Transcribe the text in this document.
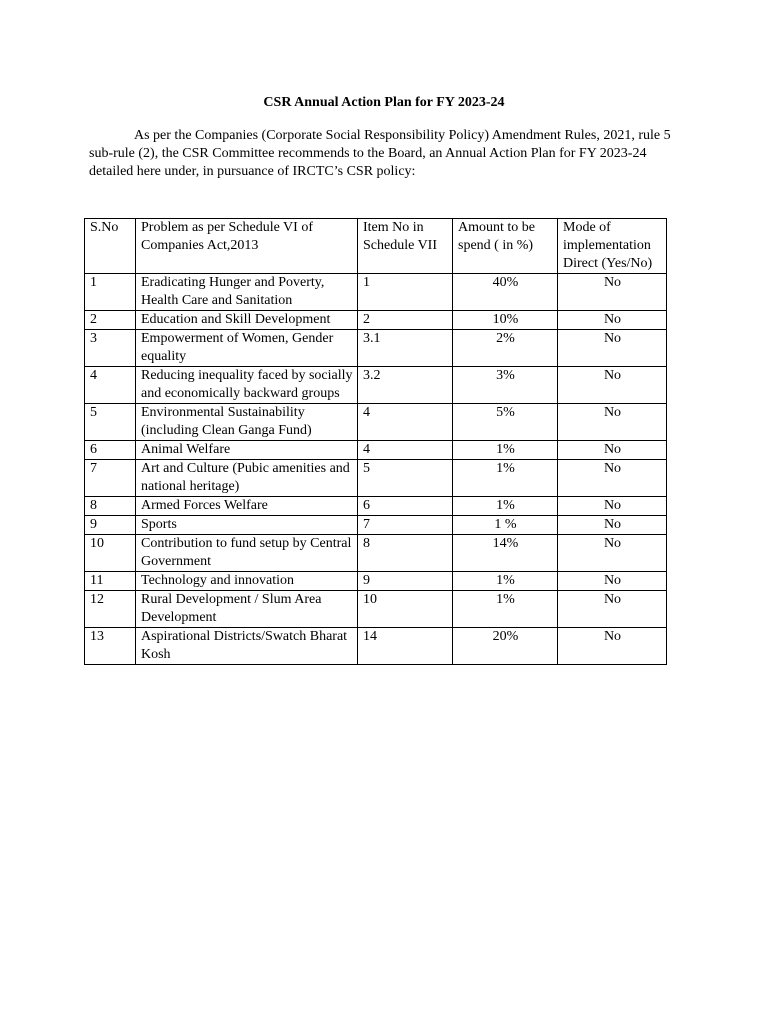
CSR Annual Action Plan for FY 2023-24

As per the Companies (Corporate Social Responsibility Policy) Amendment Rules, 2021, rule 5 sub-rule (2), the CSR Committee recommends to the Board, an Annual Action Plan for FY 2023-24 detailed here under, in pursuance of IRCTC’s CSR policy:

S.No	Problem as per Schedule VI of Companies Act,2013	Item No in Schedule VII	Amount to be spend ( in %)	Mode of implementation Direct (Yes/No)
1	Eradicating Hunger and Poverty, Health Care and Sanitation	1	40%	No
2	Education and Skill Development	2	10%	No
3	Empowerment of Women, Gender equality	3.1	2%	No
4	Reducing inequality faced by socially and economically backward groups	3.2	3%	No
5	Environmental Sustainability (including Clean Ganga Fund)	4	5%	No
6	Animal Welfare	4	1%	No
7	Art and Culture (Pubic amenities and national heritage)	5	1%	No
8	Armed Forces Welfare	6	1%	No
9	Sports	7	1 %	No
10	Contribution to fund setup by Central Government	8	14%	No
11	Technology and innovation	9	1%	No
12	Rural Development / Slum Area Development	10	1%	No
13	Aspirational Districts/Swatch Bharat Kosh	14	20%	No
